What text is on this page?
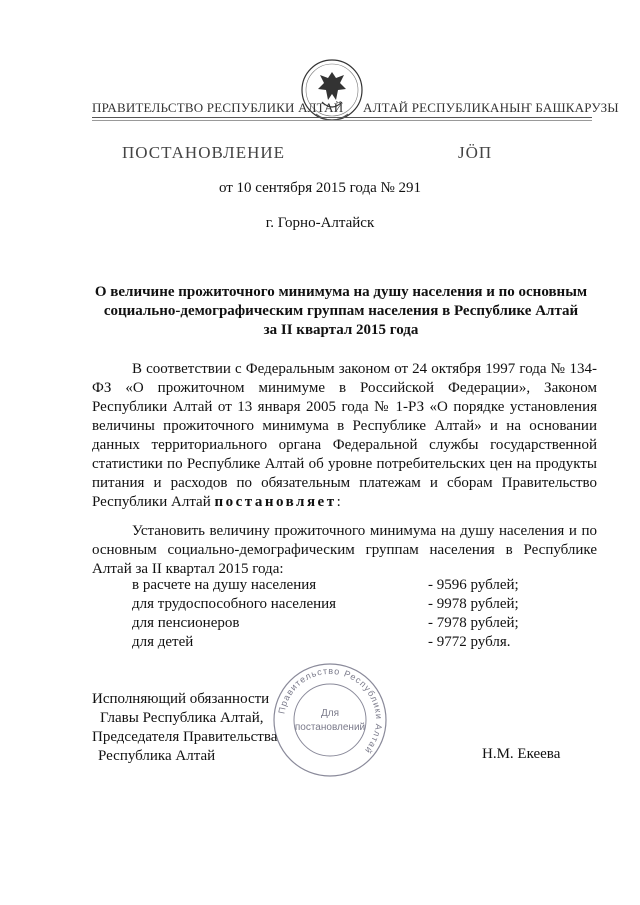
ПРАВИТЕЛЬСТВО РЕСПУБЛИКИ АЛТАЙ АЛТАЙ РЕСПУБЛИКАНЫҤ БАШКАРУЗЫ
ПОСТАНОВЛЕНИЕ	JӦП
от 10 сентября 2015 года № 291
г. Горно-Алтайск
О величине прожиточного минимума на душу населения и по основным
социально-демографическим группам населения в Республике Алтай
за II квартал 2015 года
В соответствии с Федеральным законом от 24 октября 1997 года № 134-ФЗ «О прожиточном минимуме в Российской Федерации», Законом Республики Алтай от 13 января 2005 года № 1-РЗ «О порядке установления величины прожиточного минимума в Республике Алтай» и на основании данных территориального органа Федеральной службы государственной статистики по Республике Алтай об уровне потребительских цен на продукты питания и расходов по обязательным платежам и сборам Правительство Республики Алтай постановляет:
Установить величину прожиточного минимума на душу населения и по основным социально-демографическим группам населения в Республике Алтай за II квартал 2015 года:
в расчете на душу населения	- 9596 рублей;
для трудоспособного населения	- 9978 рублей;
для пенсионеров	- 7978 рублей;
для детей	- 9772 рубля.
Правительство Республики Алтай
Для
постановлений
Исполняющий обязанности
Главы Республика Алтай,
Председателя Правительства
Республика Алтай	Н.М. Екеева
